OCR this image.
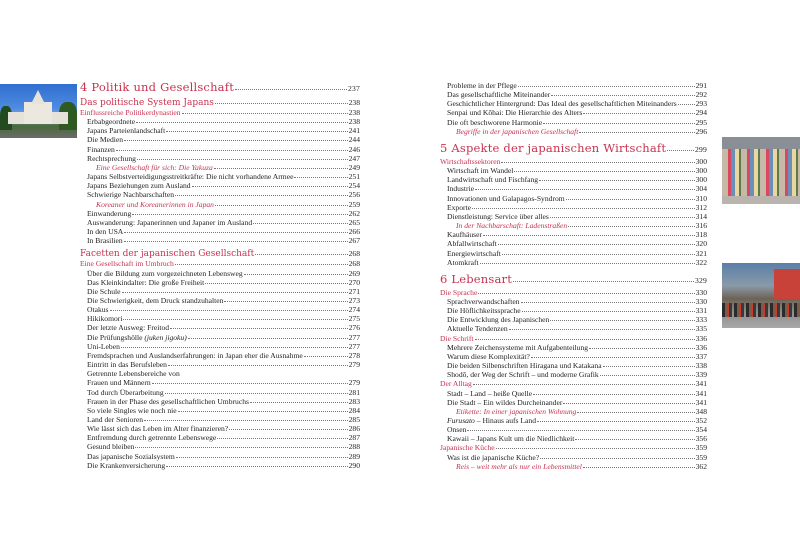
4 Politik und Gesellschaft	237
Das politische System Japans	238
Einflussreiche Politikerdynastien	238
Erbabgeordnete	238
Japans Parteienlandschaft	241
Die Medien	244
Finanzen	246
Rechtsprechung	247
Eine Gesellschaft für sich: Die Yakuza	249
Japans Selbstverteidigungsstreitkräfte: Die nicht vorhandene Armee	251
Japans Beziehungen zum Ausland	254
Schwierige Nachbarschaften	256
Koreaner und Koreanerinnen in Japan	259
Einwanderung	262
Auswanderung: Japanerinnen und Japaner im Ausland	265
In den USA	266
In Brasilien	267
Facetten der japanischen Gesellschaft	268
Eine Gesellschaft im Umbruch	268
Über die Bildung zum vorgezeichneten Lebensweg	269
Das Kleinkindalter: Die große Freiheit	270
Die Schule	271
Die Schwierigkeit, dem Druck standzuhalten	273
Otakus	274
Hikikomori	275
Der letzte Ausweg: Freitod	276
Die Prüfungshölle (juken jigoku)	277
Uni-Leben	277
Fremdsprachen und Auslandserfahrungen: in Japan eher die Ausnahme	278
Eintritt in das Berufsleben	279
Getrennte Lebensbereiche von
Frauen und Männern	279
Tod durch Überarbeitung	281
Frauen in der Phase des gesellschaftlichen Umbruchs	283
So viele Singles wie noch nie	284
Land der Senioren	285
Wie lässt sich das Leben im Alter finanzieren?	286
Entfremdung durch getrennte Lebenswege	287
Gesund bleiben	288
Das japanische Sozialsystem	289
Die Krankenversicherung	290
Probleme in der Pflege	291
Das gesellschaftliche Miteinander	292
Geschichtlicher Hintergrund: Das Ideal des gesellschaftlichen Miteinanders 293
Senpai und Kōhai: Die Hierarchie des Alters	294
Die oft beschworene Harmonie	295
Begriffe in der japanischen Gesellschaft	296
5 Aspekte der japanischen Wirtschaft	299
Wirtschaftssektoren	300
Wirtschaft im Wandel	300
Landwirtschaft und Fischfang	300
Industrie	304
Innovationen und Galapagos-Syndrom	310
Exporte	312
Dienstleistung: Service über alles	314
In der Nachbarschaft: Ladenstraßen	316
Kaufhäuser	318
Abfallwirtschaft	320
Energiewirtschaft	321
Atomkraft	322
6 Lebensart	329
Die Sprache	330
Sprachverwandschaften	330
Die Höflichkeitssprache	331
Die Entwicklung des Japanischen	333
Aktuelle Tendenzen	335
Die Schrift	336
Mehrere Zeichensysteme mit Aufgabenteilung	336
Warum diese Komplexität?	337
Die beiden Silbenschriften Hiragana und Katakana	338
Shodō, der Weg der Schrift – und moderne Grafik	339
Der Alltag	341
Stadt – Land – heiße Quelle	341
Die Stadt – Ein wildes Durcheinander	341
Etikette: In einer japanischen Wohnung	348
Furusato – Hinaus aufs Land	352
Onsen	354
Kawaii – Japans Kult um die Niedlichkeit	356
Japanische Küche	359
Was ist die japanische Küche?	359
Reis – weit mehr als nur ein Lebensmittel	362
